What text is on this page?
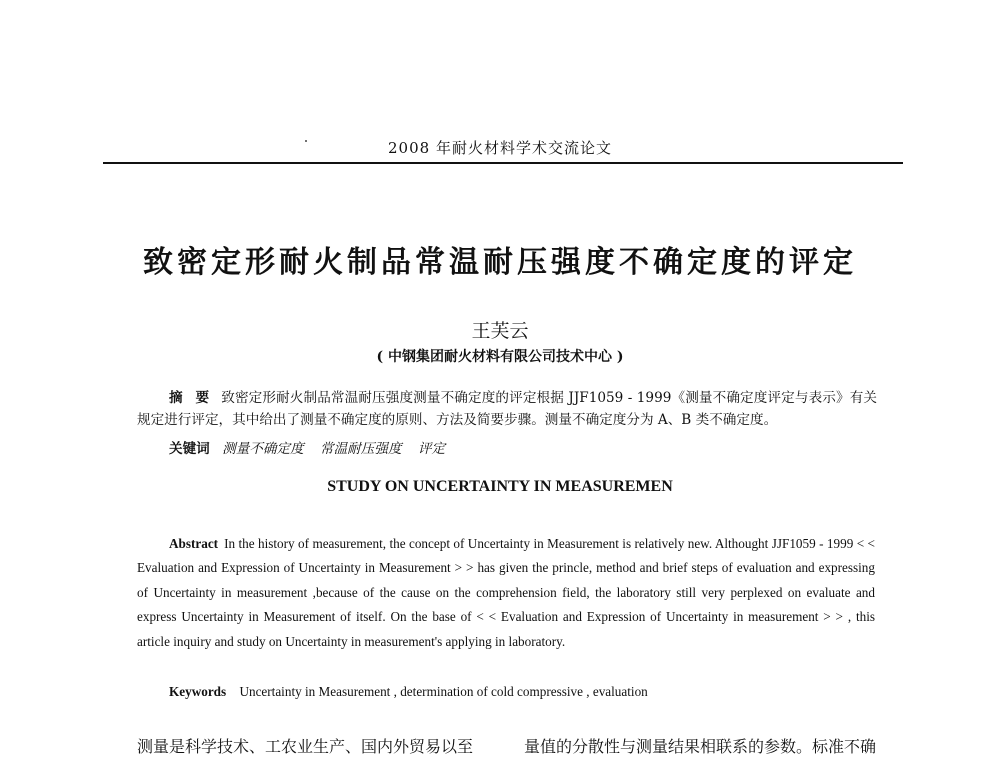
2008 年耐火材料学术交流论文
致密定形耐火制品常温耐压强度不确定度的评定
王芙云
( 中钢集团耐火材料有限公司技术中心 )
摘 要 致密定形耐火制品常温耐压强度测量不确定度的评定根据 JJF1059 - 1999《测量不确定度评定与表示》有关规定进行评定，其中给出了测量不确定度的原则、方法及简要步骤。测量不确定度分为 A、B 类不确定度。
关键词 测量不确定度 常温耐压强度 评定
STUDY ON UNCERTAINTY IN MEASUREMEN
Abstract In the history of measurement, the concept of Uncertainty in Measurement is relatively new. Althought JJF1059 - 1999 < < Evaluation and Expression of Uncertainty in Measurement > > has given the princle, method and brief steps of evaluation and expressing of Uncertainty in measurement ,because of the cause on the comprehension field, the laboratory still very perplexed on evaluate and express Uncertainty in Measurement of itself. On the base of < < Evaluation and Expression of Uncertainty in measurement > > , this article inquiry and study on Uncertainty in measurement's applying in laboratory.
Keywords Uncertainty in Measurement , determination of cold compressive , evaluation
测量是科学技术、工农业生产、国内外贸易以至	量值的分散性与测量结果相联系的参数。标准不确
